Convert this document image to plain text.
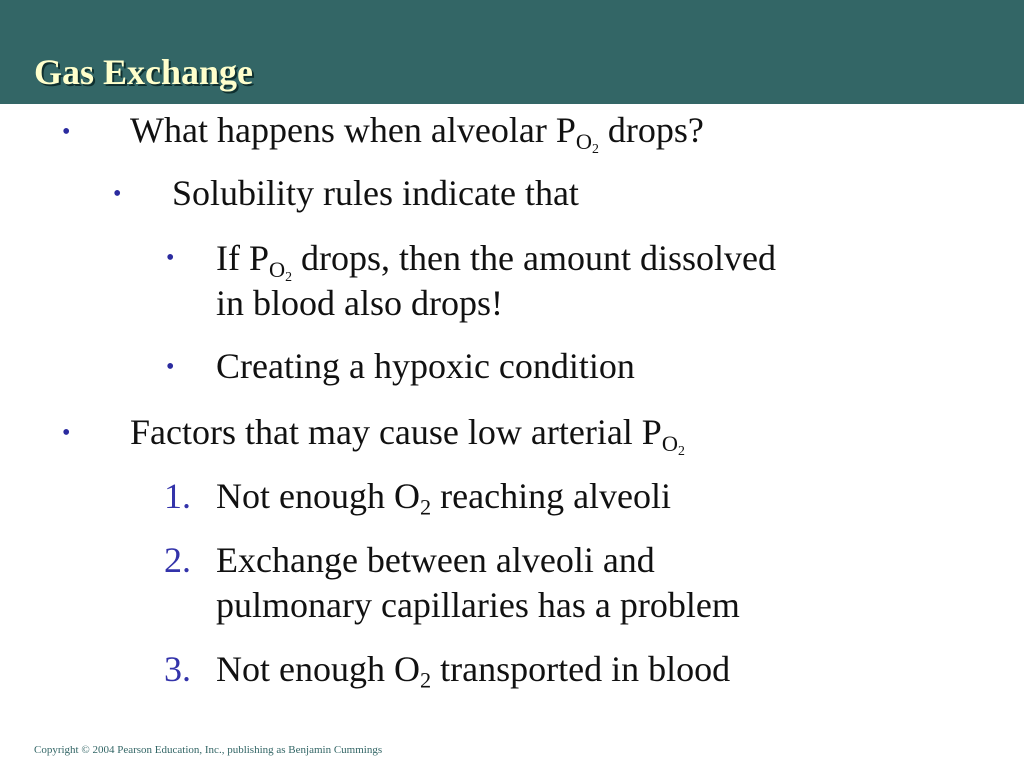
Gas Exchange
• What happens when alveolar $P_{O2}$ drops?
• Solubility rules indicate that
• If $P_{O2}$ drops, then the amount dissolved
in blood also drops!
• Creating a hypoxic condition
• Factors that may cause low arterial $P_{O2}$
1. Not enough $O_2$ reaching alveoli
2. Exchange between alveoli and
pulmonary capillaries has a problem
3. Not enough $O_2$ transported in blood
Copyright © 2004 Pearson Education, Inc., publishing as Benjamin Cummings
